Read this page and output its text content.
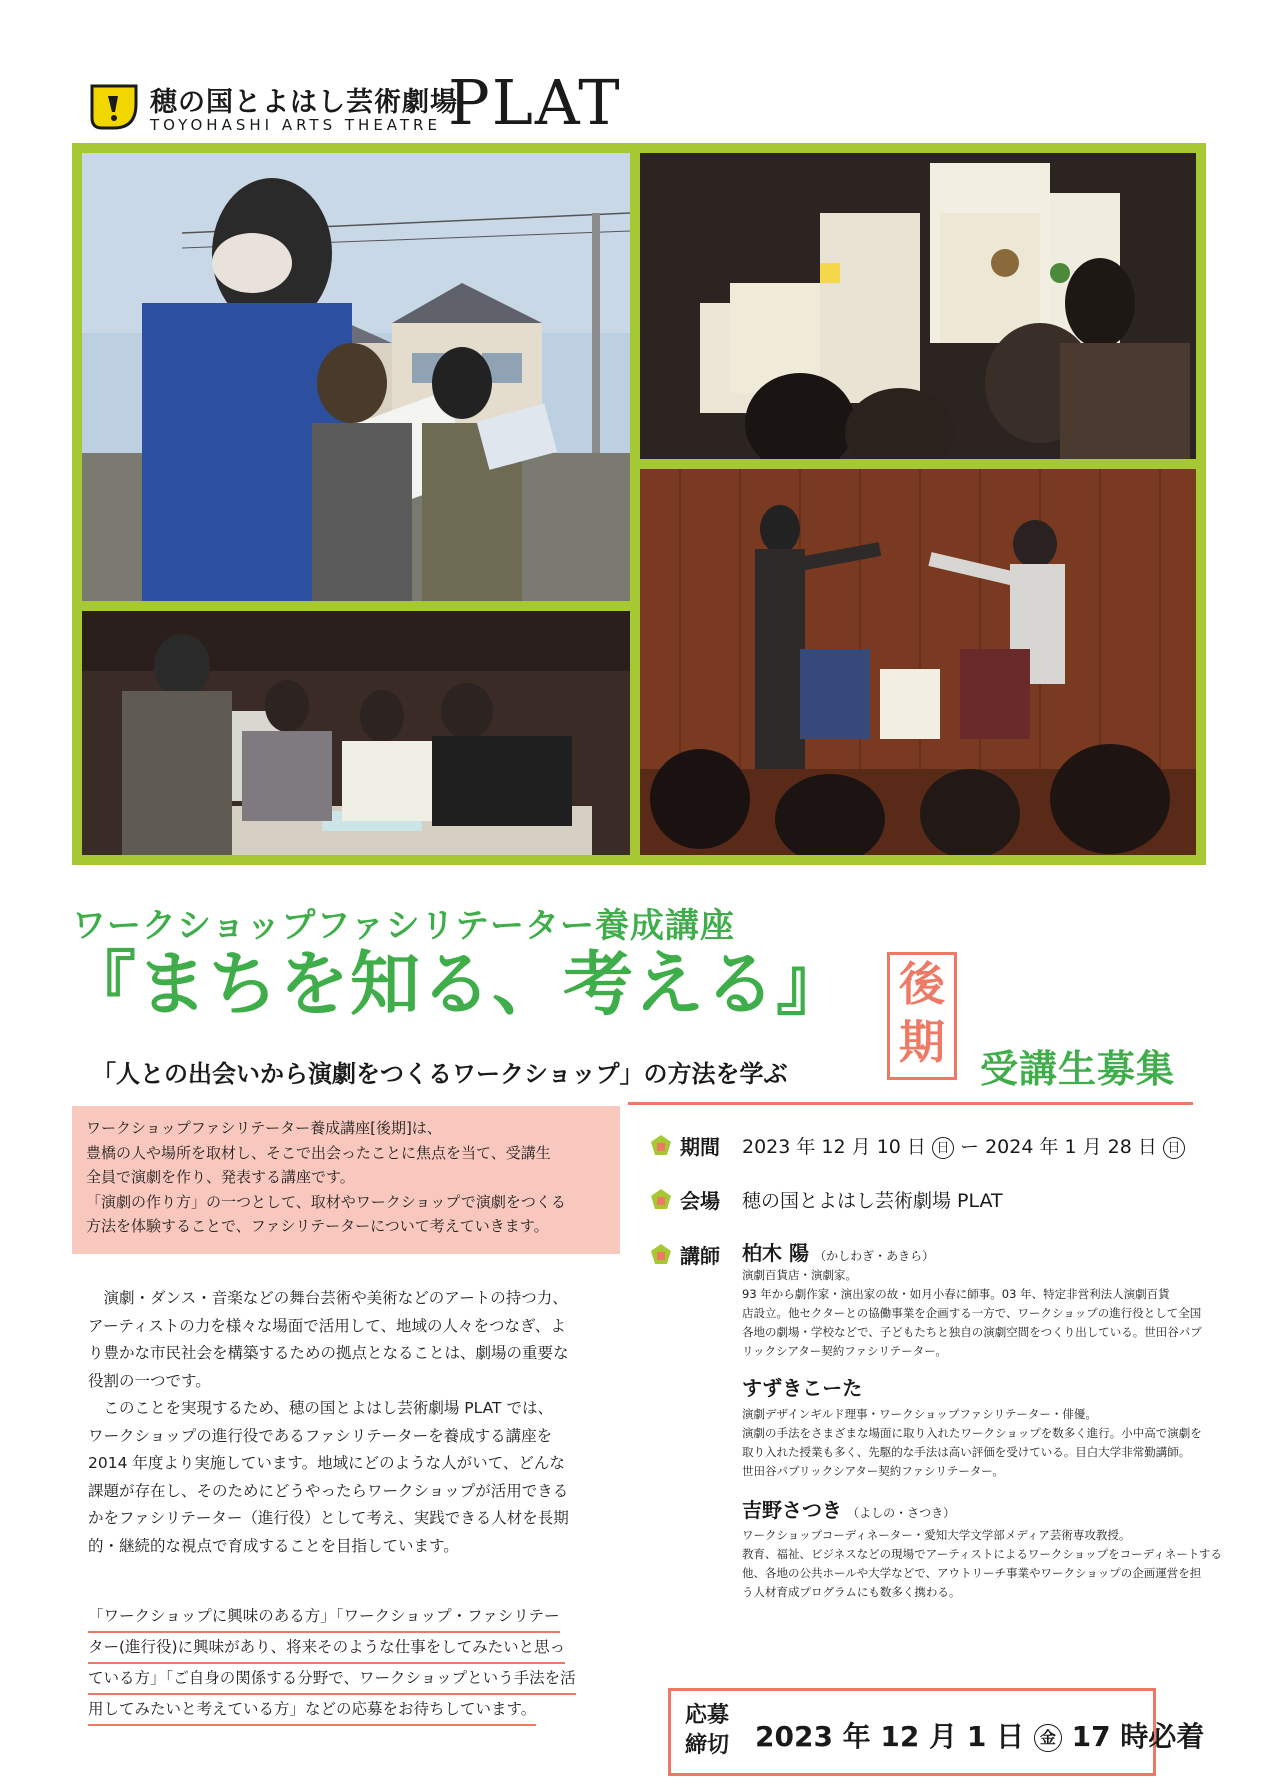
穂の国とよはし芸術劇場
TOYOHASHI ARTS THEATRE PLAT
ワークショップファシリテーター養成講座
『まちを知る、考える』
「人との出会いから演劇をつくるワークショップ」の方法を学ぶ
後
期 受講生募集
ワークショップファシリテーター養成講座[後期]は、
豊橋の人や場所を取材し、そこで出会ったことに焦点を当て、受講生
全員で演劇を作り、発表する講座です。
「演劇の作り方」の一つとして、取材やワークショップで演劇をつくる
方法を体験することで、ファシリテーターについて考えていきます。
　演劇・ダンス・音楽などの舞台芸術や美術などのアートの持つ力、
アーティストの力を様々な場面で活用して、地域の人々をつなぎ、よ
り豊かな市民社会を構築するための拠点となることは、劇場の重要な
役割の一つです。
　このことを実現するため、穂の国とよはし芸術劇場 PLAT では、
ワークショップの進行役であるファシリテーターを養成する講座を
2014 年度より実施しています。地域にどのような人がいて、どんな
課題が存在し、そのためにどうやったらワークショップが活用できる
かをファシリテーター（進行役）として考え、実践できる人材を長期
的・継続的な視点で育成することを目指しています。
「ワークショップに興味のある方」「ワークショップ・ファシリテー
ター(進行役)に興味があり、将来そのような仕事をしてみたいと思っ
ている方」「ご自身の関係する分野で、ワークショップという手法を活
用してみたいと考えている方」などの応募をお待ちしています。
期間 2023 年 12 月 10 日 日 ー 2024 年 1 月 28 日 日
会場 穂の国とよはし芸術劇場 PLAT
講師 柏木 陽 （かしわぎ・あきら）
演劇百貨店・演劇家。
93 年から劇作家・演出家の故・如月小春に師事。03 年、特定非営利法人演劇百貨
店設立。他セクターとの協働事業を企画する一方で、ワークショップの進行役として全国
各地の劇場・学校などで、子どもたちと独自の演劇空間をつくり出している。世田谷パブ
リックシアター契約ファシリテーター。
すずきこーた
演劇デザインギルド理事・ワークショップファシリテーター・俳優。
演劇の手法をさまざまな場面に取り入れたワークショップを数多く進行。小中高で演劇を
取り入れた授業も多く、先駆的な手法は高い評価を受けている。目白大学非常勤講師。
世田谷パブリックシアター契約ファシリテーター。
吉野さつき （よしの・さつき）
ワークショップコーディネーター・愛知大学文学部メディア芸術専攻教授。
教育、福祉、ビジネスなどの現場でアーティストによるワークショップをコーディネートする
他、各地の公共ホールや大学などで、アウトリーチ事業やワークショップの企画運営を担
う人材育成プログラムにも数多く携わる。
応募
締切 2023 年 12 月 1 日 金 17 時必着
